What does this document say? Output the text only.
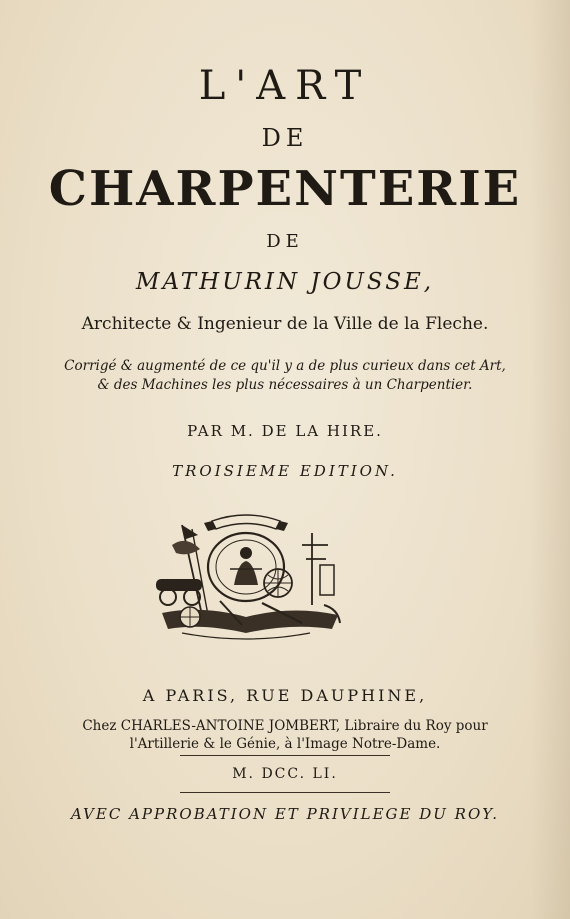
L'ART
DE
CHARPENTERIE
DE
MATHURIN JOUSSE,
Architecte & Ingenieur de la Ville de la Fleche.
Corrigé & augmenté de ce qu'il y a de plus curieux dans cet Art,
& des Machines les plus nécessaires à un Charpentier.
PAR M. DE LA HIRE.
TROISIEME EDITION.
A PARIS, RUE DAUPHINE,
Chez CHARLES-ANTOINE JOMBERT, Libraire du Roy pour
l'Artillerie & le Génie, à l'Image Notre-Dame.
M. DCC. LI.
AVEC APPROBATION ET PRIVILEGE DU ROY.
